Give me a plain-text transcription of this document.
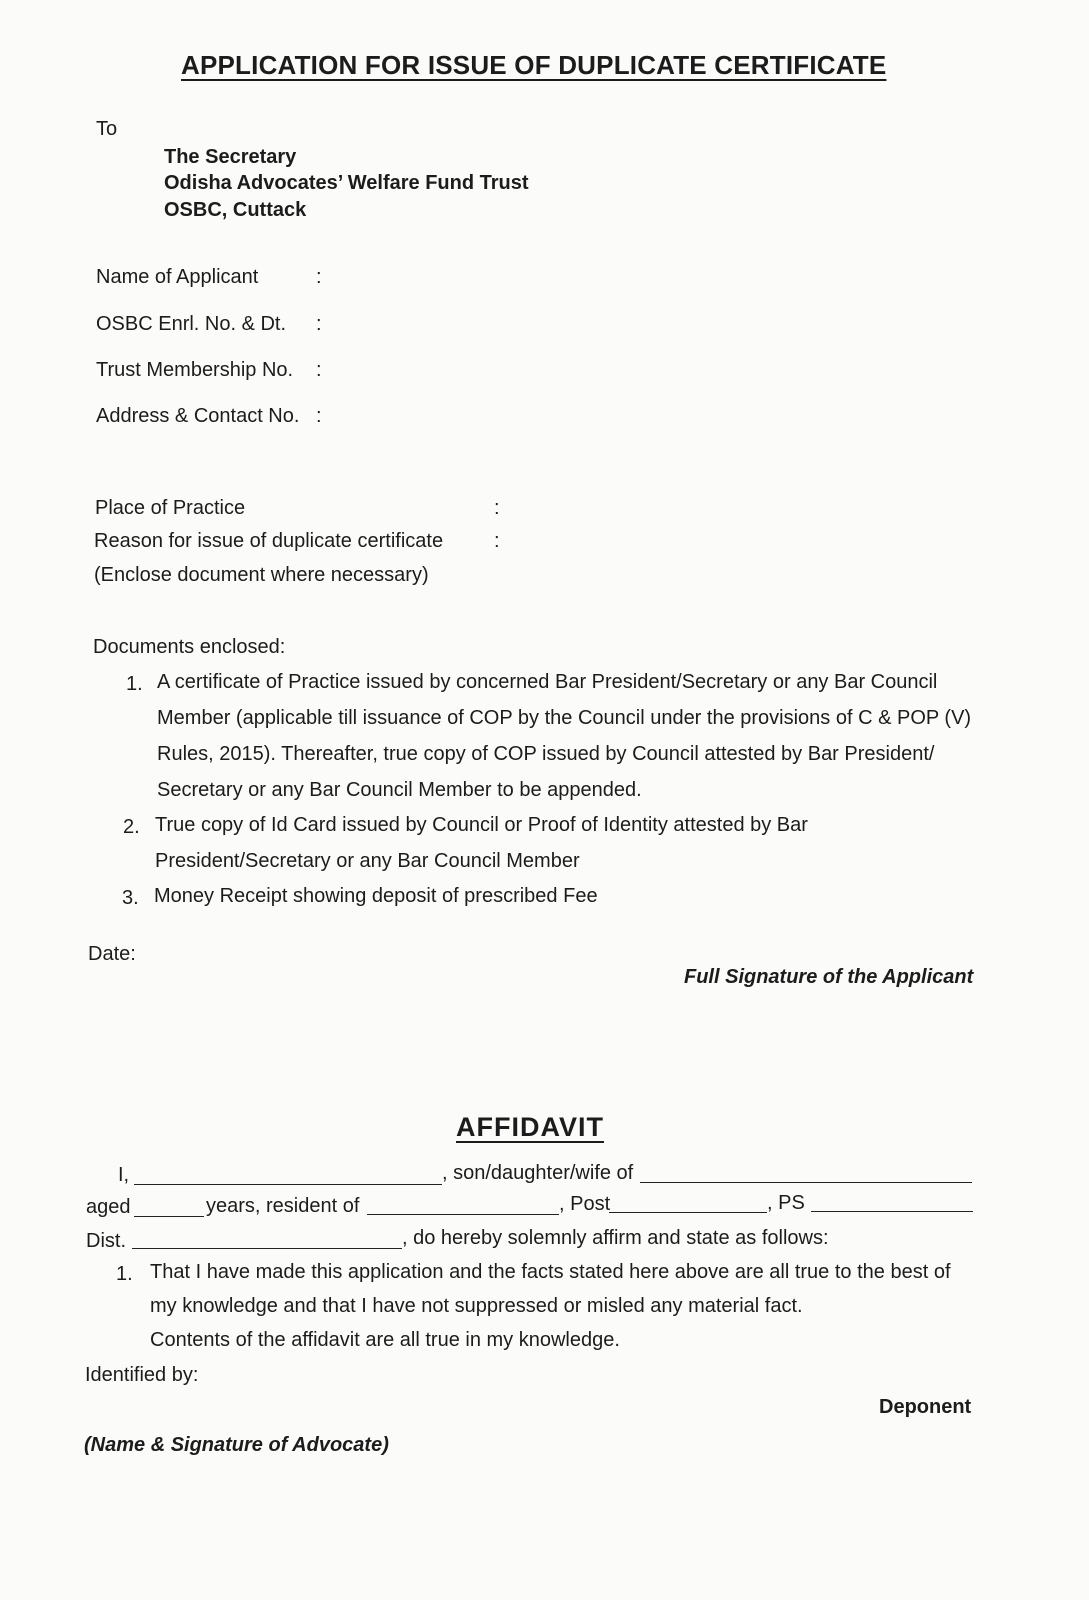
APPLICATION FOR ISSUE OF DUPLICATE CERTIFICATE
To
The Secretary
Odisha Advocates’ Welfare Fund Trust
OSBC, Cuttack
Name of Applicant	:
OSBC Enrl. No. & Dt. :
Trust Membership No. :
Address & Contact No. :
Place of Practice	:
Reason for issue of duplicate certificate	:
(Enclose document where necessary)
Documents enclosed:
1. A certificate of Practice issued by concerned Bar President/Secretary or any Bar Council Member (applicable till issuance of COP by the Council under the provisions of C & POP (V) Rules, 2015). Thereafter, true copy of COP issued by Council attested by Bar President/ Secretary or any Bar Council Member to be appended.
2. True copy of Id Card issued by Council or Proof of Identity attested by Bar President/Secretary or any Bar Council Member
3. Money Receipt showing deposit of prescribed Fee
Date:
Full Signature of the Applicant
AFFIDAVIT
I,	, son/daughter/wife of
aged	years, resident of	, Post	, PS
Dist.	, do hereby solemnly affirm and state as follows:
1. That I have made this application and the facts stated here above are all true to the best of
my knowledge and that I have not suppressed or misled any material fact.
Contents of the affidavit are all true in my knowledge.
Identified by:
Deponent
(Name & Signature of Advocate)
